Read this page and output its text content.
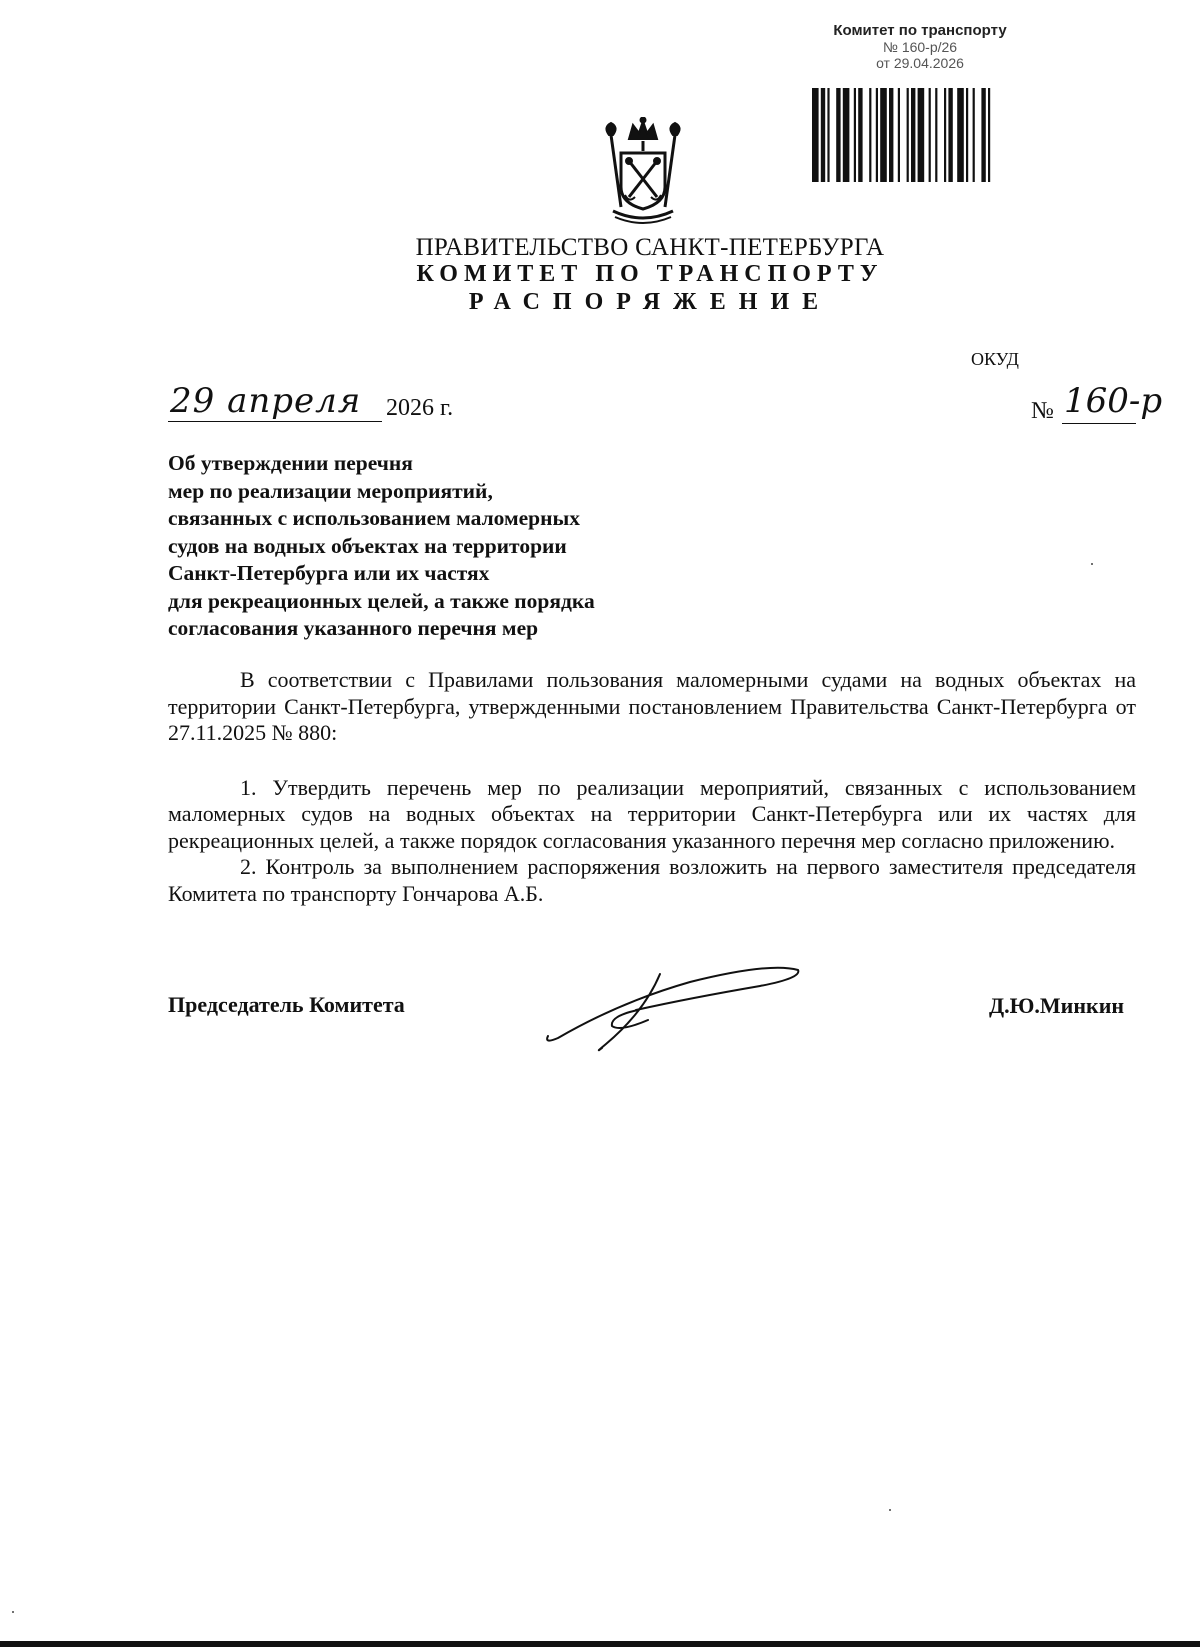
Комитет по транспорту
№ 160-р/26
от 29.04.2026
ПРАВИТЕЛЬСТВО САНКТ-ПЕТЕРБУРГА
КОМИТЕТ ПО ТРАНСПОРТУ
РАСПОРЯЖЕНИЕ
ОКУД
29 апреля 2026 г.	№ 160-р
Об утверждении перечня
мер по реализации мероприятий,
связанных с использованием маломерных
судов на водных объектах на территории
Санкт-Петербурга или их частях
для рекреационных целей, а также порядка
согласования указанного перечня мер
В соответствии с Правилами пользования маломерными судами на водных объектах на территории Санкт-Петербурга, утвержденными постановлением Правительства Санкт-Петербурга от 27.11.2025 № 880:
1. Утвердить перечень мер по реализации мероприятий, связанных с использованием маломерных судов на водных объектах на территории Санкт-Петербурга или их частях для рекреационных целей, а также порядок согласования указанного перечня мер согласно приложению.
2. Контроль за выполнением распоряжения возложить на первого заместителя председателя Комитета по транспорту Гончарова А.Б.
Председатель Комитета	Д.Ю.Минкин
